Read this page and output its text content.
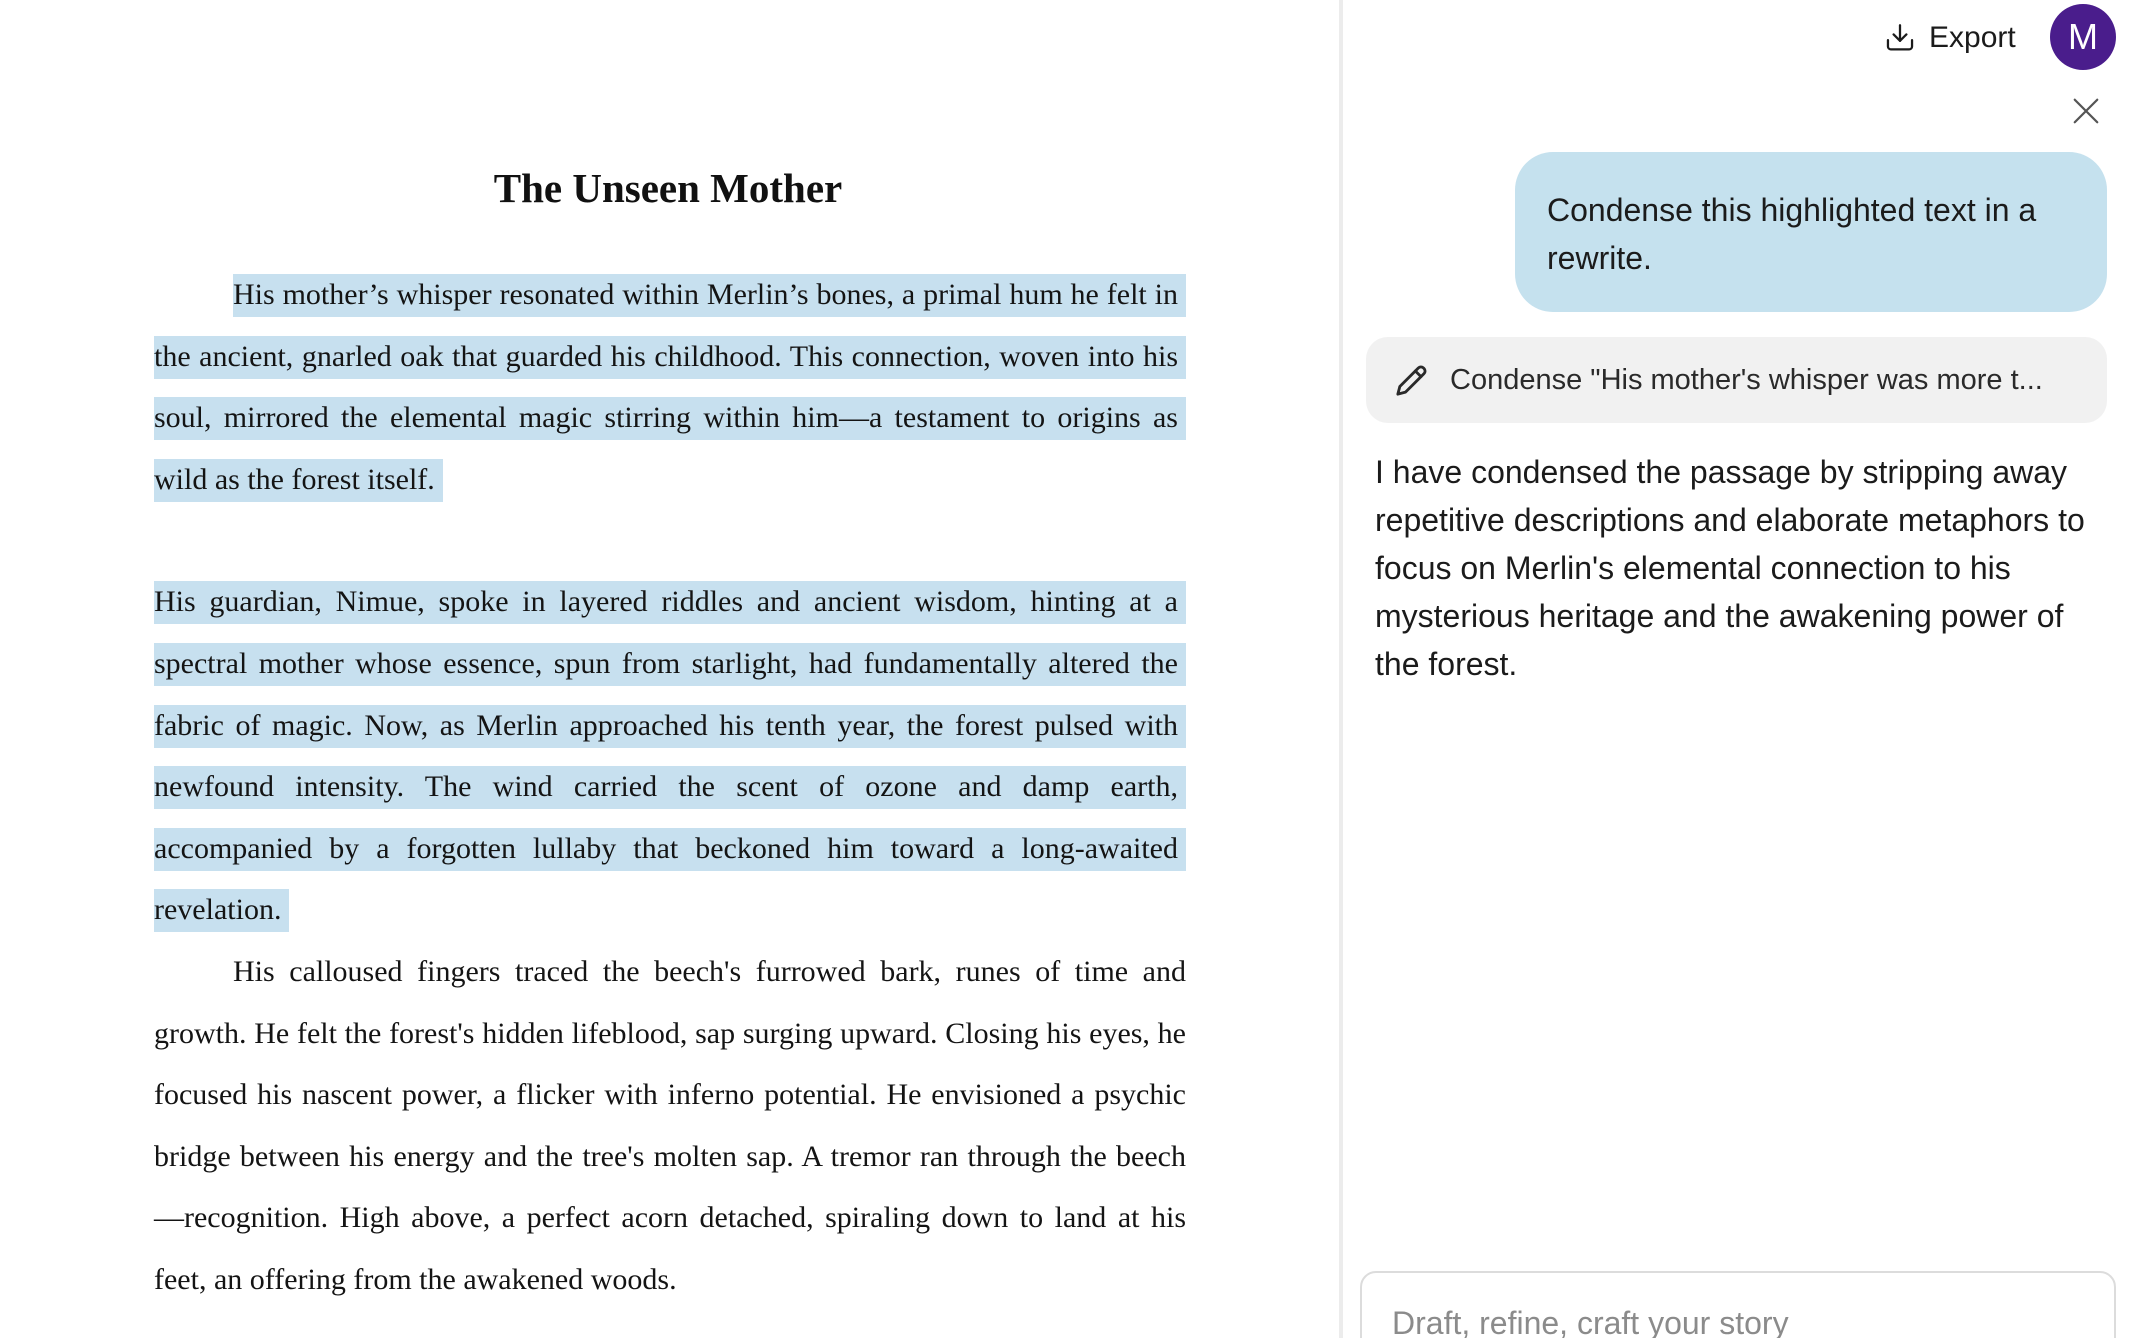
The Unseen Mother

His mother’s whisper resonated within Merlin’s bones, a primal hum he felt in the ancient, gnarled oak that guarded his childhood. This connection, woven into his soul, mirrored the elemental magic stirring within him—a testament to origins as wild as the forest itself.

His guardian, Nimue, spoke in layered riddles and ancient wisdom, hinting at a spectral mother whose essence, spun from starlight, had fundamentally altered the fabric of magic. Now, as Merlin approached his tenth year, the forest pulsed with newfound intensity. The wind carried the scent of ozone and damp earth, accompanied by a forgotten lullaby that beckoned him toward a long-awaited revelation.

His calloused fingers traced the beech's furrowed bark, runes of time and growth. He felt the forest's hidden lifeblood, sap surging upward. Closing his eyes, he focused his nascent power, a flicker with inferno potential. He envisioned a psychic bridge between his energy and the tree's molten sap. A tremor ran through the beech—recognition. High above, a perfect acorn detached, spiraling down to land at his feet, an offering from the awakened woods.

Export	M
Condense this highlighted text in a rewrite.
Condense "His mother's whisper was more t...

I have condensed the passage by stripping away repetitive descriptions and elaborate metaphors to focus on Merlin's elemental connection to his mysterious heritage and the awakening power of the forest.

Draft, refine, craft your story
